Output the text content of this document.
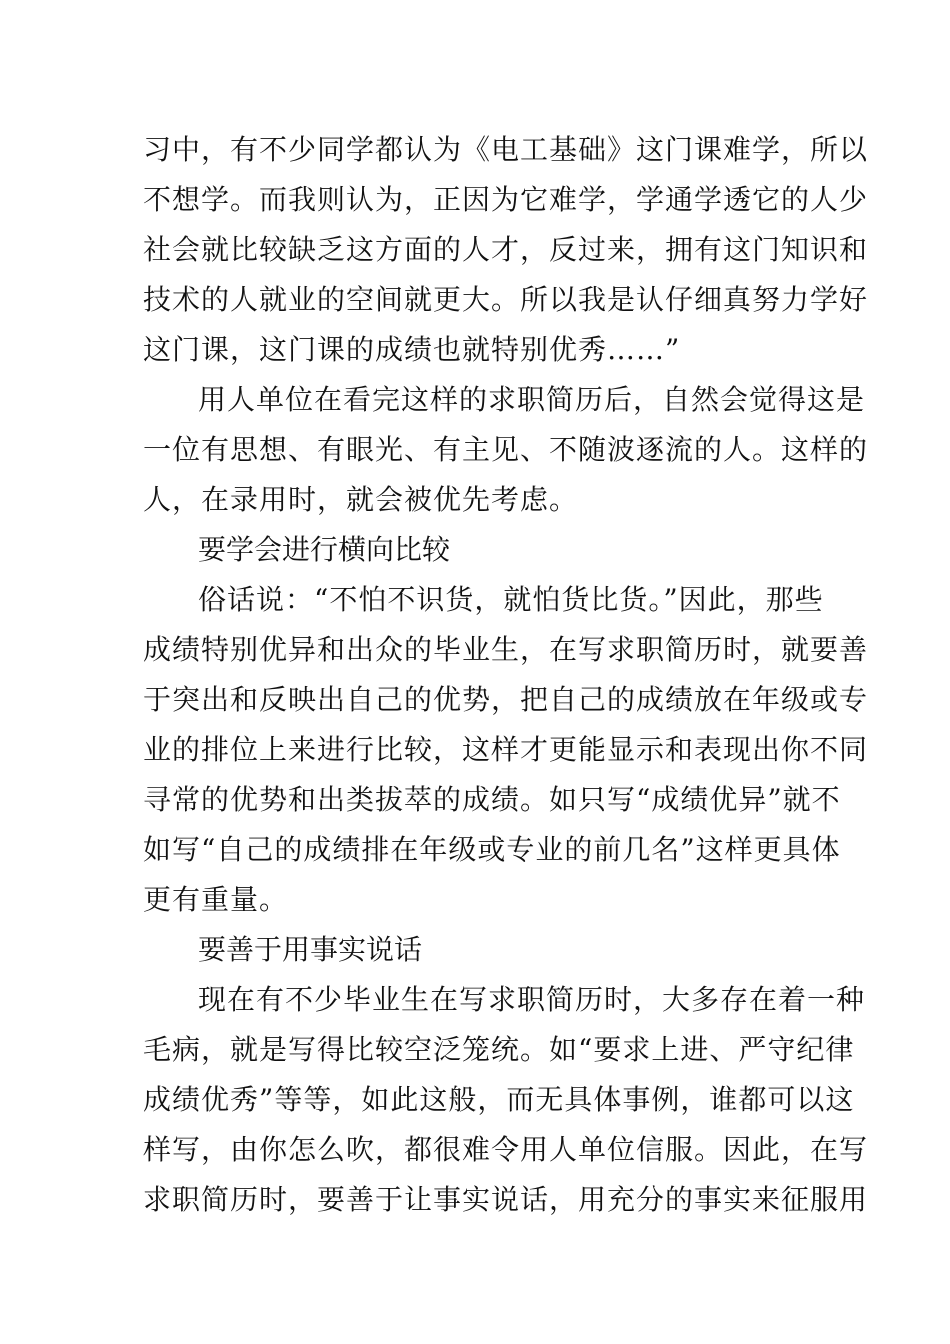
习中，有不少同学都认为《电工基础》这门课难学，所以
不想学。而我则认为，正因为它难学，学通学透它的人少
社会就比较缺乏这方面的人才，反过来，拥有这门知识和
技术的人就业的空间就更大。所以我是认仔细真努力学好
这门课，这门课的成绩也就特别优秀……”
用人单位在看完这样的求职简历后，自然会觉得这是
一位有思想、有眼光、有主见、不随波逐流的人。这样的
人，在录用时，就会被优先考虑。
要学会进行横向比较
俗话说：“不怕不识货，就怕货比货。”因此，那些
成绩特别优异和出众的毕业生，在写求职简历时，就要善
于突出和反映出自己的优势，把自己的成绩放在年级或专
业的排位上来进行比较，这样才更能显示和表现出你不同
寻常的优势和出类拔萃的成绩。如只写“成绩优异”就不
如写“自己的成绩排在年级或专业的前几名”这样更具体
更有重量。
要善于用事实说话
现在有不少毕业生在写求职简历时，大多存在着一种
毛病，就是写得比较空泛笼统。如“要求上进、严守纪律
成绩优秀”等等，如此这般，而无具体事例，谁都可以这
样写，由你怎么吹，都很难令用人单位信服。因此，在写
求职简历时，要善于让事实说话，用充分的事实来征服用
